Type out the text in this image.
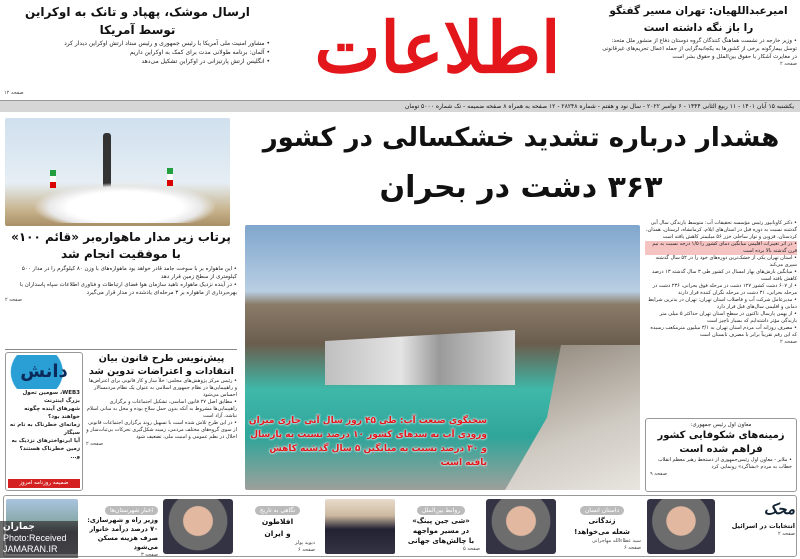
ارسال موشک، پهپاد و تانک به اوکراین
توسط آمریکا
• مشاور امنیت ملی آمریکا با رئیس جمهوری و رئیس ستاد ارتش اوکراین دیدار کرد
• آلمان: برنامه طولانی مدت برای کمک به اوکراین داریم
• انگلیس ارتش پارتیزانی در اوکراین تشکیل می‌دهد
صفحه ۱۲
اطلاعات	امیرعبداللهیان: تهران مسیر گفتگو
را باز نگه داشته است
• وزیر خارجه در نشست هماهنگ کنندگان گروه دوستان دفاع از منشور ملل متحد: توسل بیمارگونه برخی از کشورها به یکجانبه‌گرایی از جمله اعمال تحریم‌های غیرقانونی در مغایرت آشکار با حقوق بین‌الملل و حقوق بشر است
صفحه ۲
یکشنبه ۱۵ آبان ۱۴۰۱ - ۱۱ ربیع الثانی ۱۴۴۴ - ۶ نوامبر ۲۰۲۲ - سال نود و هفتم - شماره ۲۸۲۴۸ - ۱۲ صفحه به همراه ۸ صفحه ضمیمه - تک شماره ۵۰۰۰ تومان
هشدار درباره تشدید خشکسالی در کشور
۳۶۳ دشت در بحران
پرتاب زیر مدار ماهواره‌بر «قائم ۱۰۰»
با موفقیت انجام شد
• این ماهواره بر با سوخت جامد قادر خواهد بود ماهواره‌های با وزن ۸۰ کیلوگرم را در مدار ۵۰۰ کیلومتری از سطح زمین قرار دهد
• در آینده نزدیک ماهواره ناهید سازمان هوا فضای ارتباطات و فناوری اطلاعات سپاه پاسداران با بهره‌برداری از ماهواره بر ۳ مرحله‌ای یادشده در مدار قرار می‌گیرد
صفحه ۲
پیش‌نویس طرح قانون بیان
انتقادات و اعتراضات تدوین شد
• رئیس مرکز پژوهش‌های مجلس: خلأ ساز و کار قانونی برای اعتراض‌ها و راهپیمایی‌ها در نظام جمهوری اسلامی به عنوان یک نظام مردمسالار احساس می‌شود
• مطابق اصل ۲۷ قانون اساسی، تشکیل اجتماعات و برگزاری راهپیمایی‌ها مشروط به آنکه بدون حمل سلاح بوده و مخل به مبانی اسلام نباشد، آزاد است
• در این طرح تلاش شده است با تسهیل روند برگزاری اجتماعات قانونی از سوی گروه‌های مختلف مردمی، زمینه شکل‌گیری تحرکات بی‌ثبات‌ساز و اخلال در نظم عمومی و امنیت ملی، تضعیف شود
صفحه ۲
دانش
WEB3، سومین تحول بزرگ اینترنت
شهرهای آینده چگونه خواهند بود؟
زمانه‌ای خطرناک به نام نه سیگار
آیا ابرنواخترهای نزدیک به زمین خطرناک هستند؟
و...
ضمیمه روزنامه امروز
سخنگوی صنعت آب: طی ۴۵ روز سال آبی جاری میزان ورودی آب به سدهای کشور ۱۰ درصد نسبت به پارسال و ۳۰ درصد نسبت به میانگین ۵ سال گذشته کاهش یافته است
• دکتر کاویانپور رئیس مؤسسه تحقیقات آب: متوسط بارندگی سال آبی گذشته نسبت به دوره قبل در استان‌های ایلام، کرمانشاه، لرستان، همدان، کردستان، قزوین و نوار ساحلی خزر ۵۶ میلیمتر کاهش یافته است
• در اثر تغییرات اقلیمی میانگین دمای کشور را ۱/۵ درجه نسبت به نیم قرن گذشته بالا برده است
• استان تهران یکی از خشک‌ترین دوره‌های خود را در ۵۲ سال گذشته سپری می‌کند
• میانگین بارش‌های بهار امسال در کشور طی ۳ سال گذشته ۱۳ درصد کاهش یافته است
• از ۶۰۷ دشت کشور ۱۲۷ دشت در مرحله فوق بحرانی، ۲۳۶ دشت در مرحله بحرانی، ۳۱ دشت در مرحله نگران کننده قرار دارند
• مدیرعامل شرکت آب و فاضلاب استان تهران: تهران در بدترین شرایط دمایی و اقلیمی سال‌های قبل قرار دارد
• از بهمن پارسال تاکنون در سطح استان تهران حداکثر ۵ میلی متر بارندگی مؤثر داشته‌ایم که بسیار ناچیز است
• مصرف روزانه آب مردم استان تهران به ۳/۱ میلیون مترمکعب رسیده که این رقم تقریباً برابر با مصرف تابستان است
صفحه ۲
معاون اول رئیس جمهوری:
زمینه‌های شکوفایی کشور
فراهم شده است
• ملایر - معاون اول رئیس‌جمهوری از دستخط رهبر معظم انقلاب خطاب به مردم «بشاگرد» رونمایی کرد
صفحه ۹
اخبار شهرستان‌ها
وزیر راه و شهرسازی: ۷۰ درصد درآمد خانوار صرف هزینه مسکن می‌شود
صفحه ۳
نگاهی به تاریخ
افلاطون
و ایران
دیوید پولز
صفحه ۶
روابط بین‌الملل
«شی جین پینگ»
در مسیر مواجهه
با چالش‌های جهانی
صفحه ۵
داستان انسان
زندگانی
شعله می‌خواهد!
سید عطاءالله مهاجرانی
صفحه ۶
محک
انتخابات در اسرائیل
صفحه ۲
جماران
Photo:Received
JAMARAN.IR
